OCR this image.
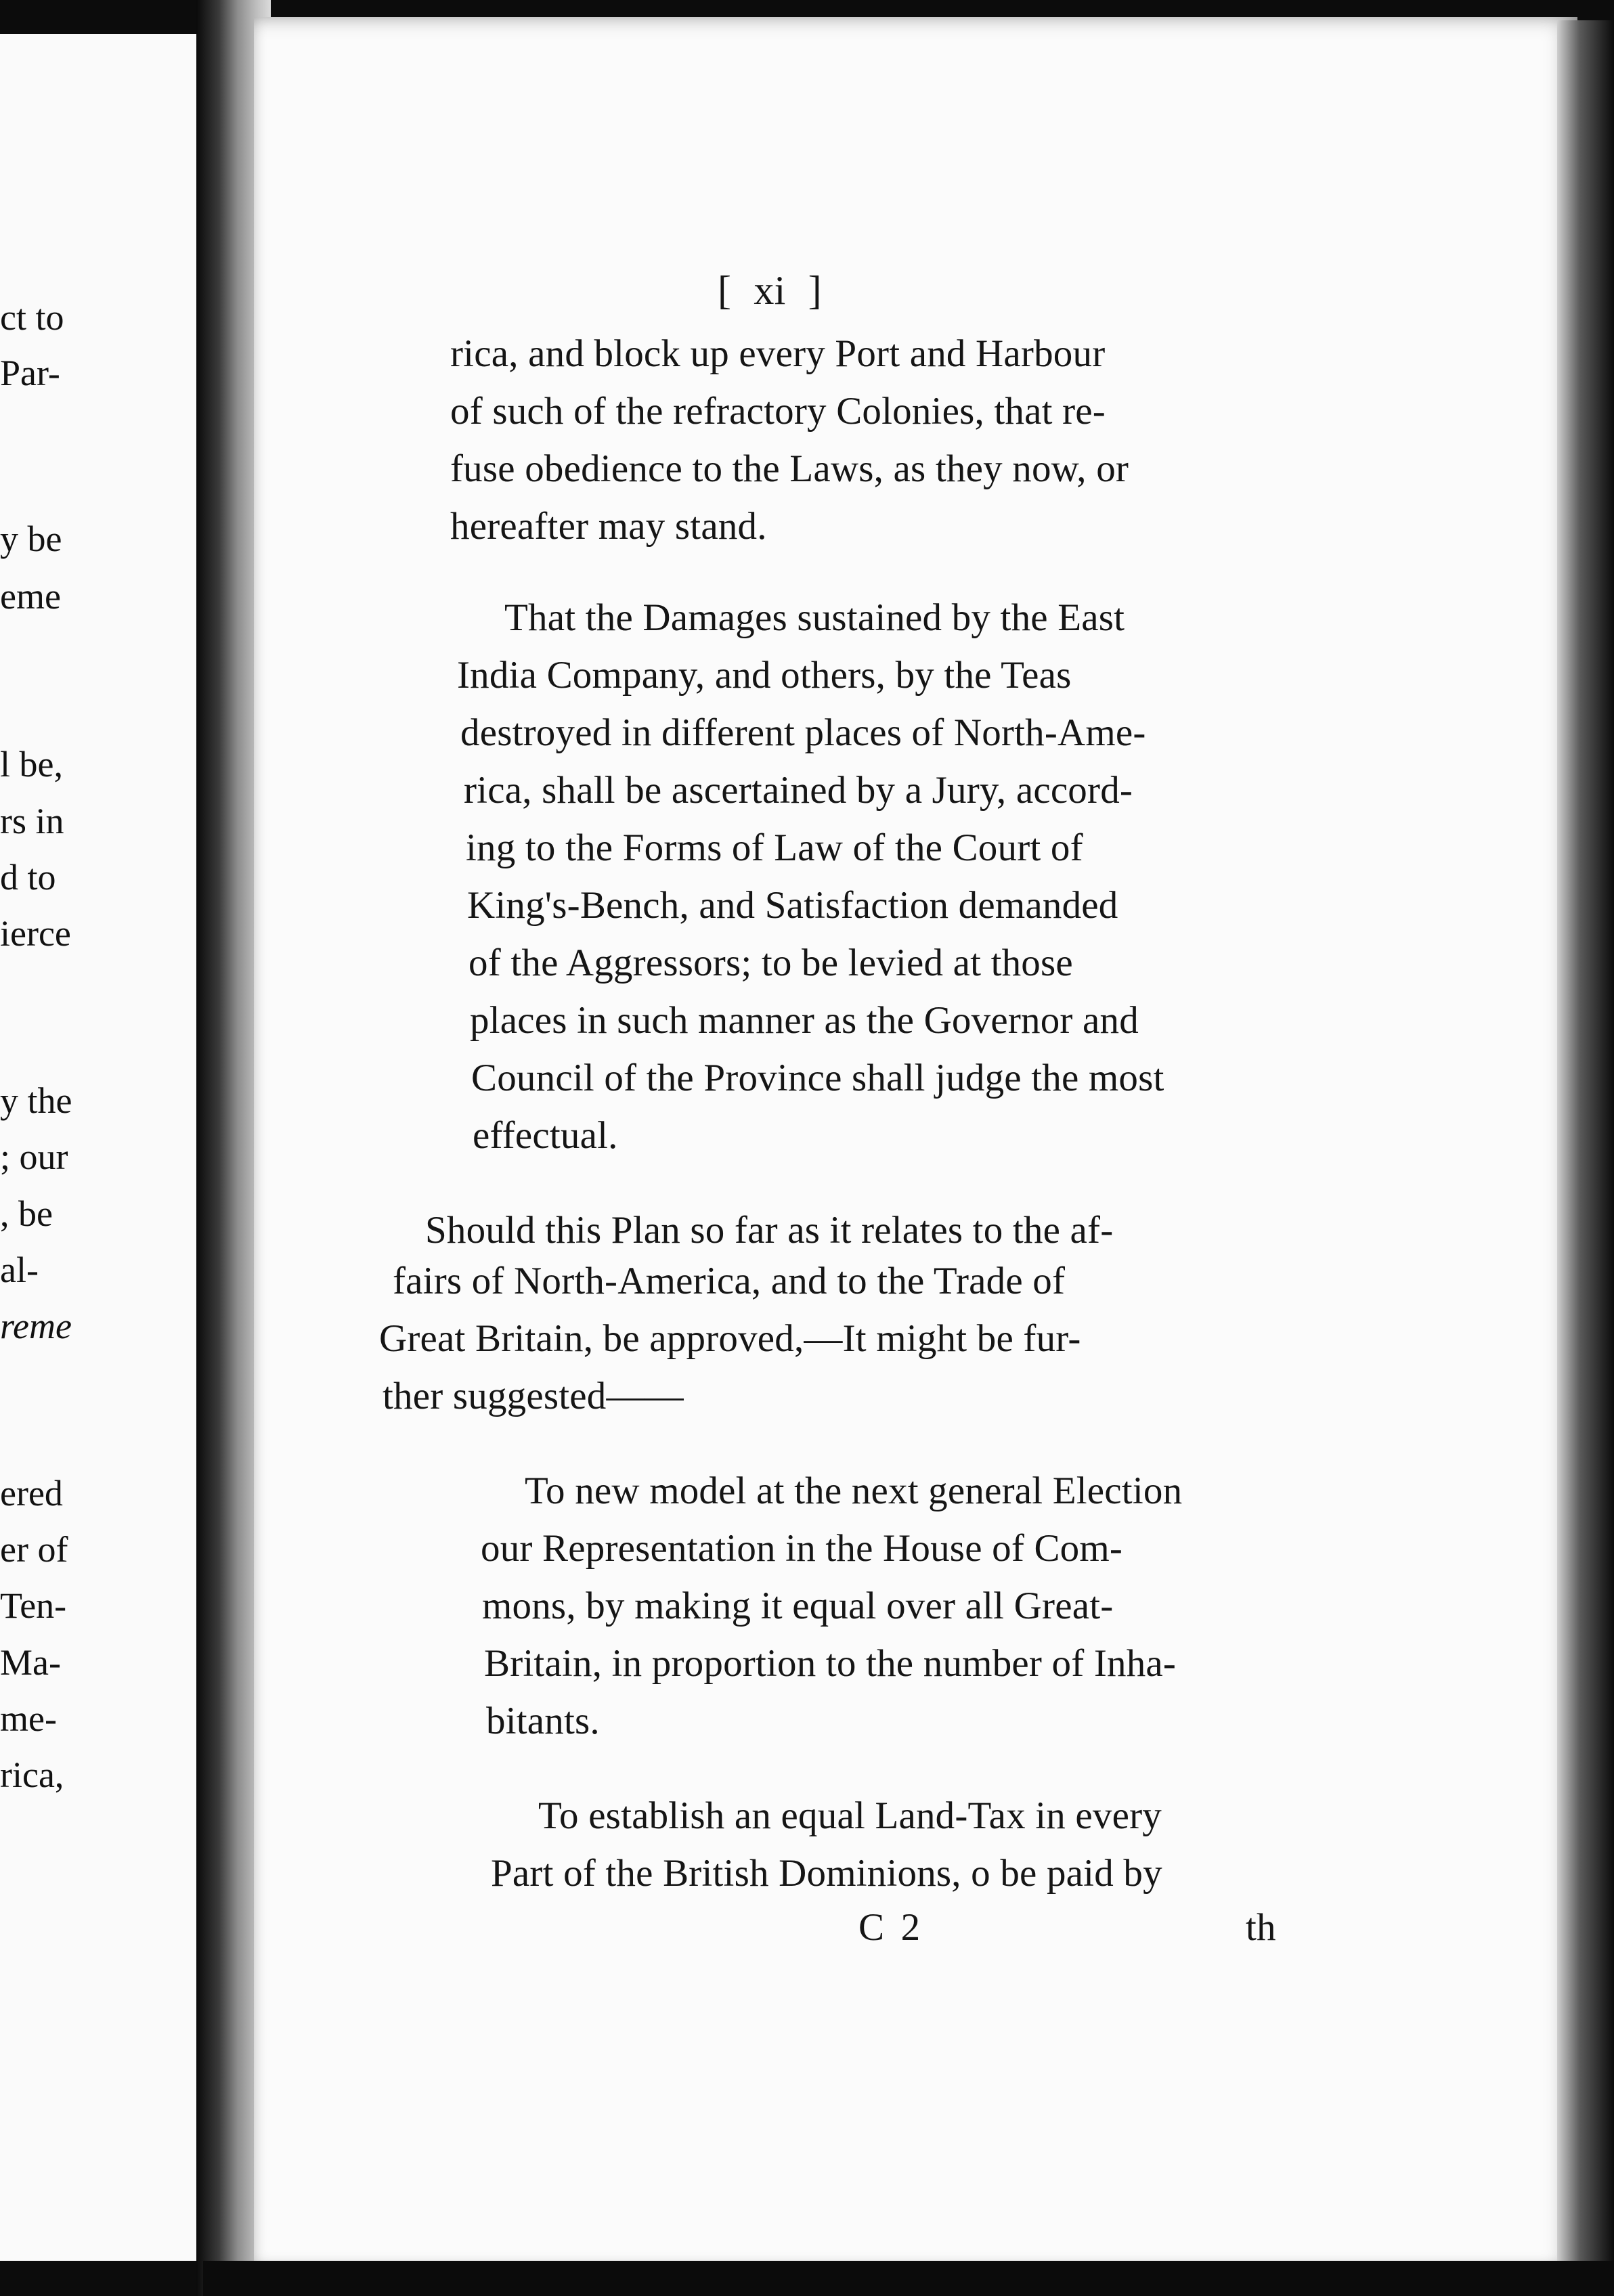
ct to
Par-
y be
eme
l be,
rs in
d to
ierce
y the
; our
, be
al-
reme
ered
er of
Ten-
Ma-
me-
rica,
[ xi ]
rica, and block up every Port and Harbour
of such of the refractory Colonies, that re-
fuse obedience to the Laws, as they now, or
hereafter may stand.
That the Damages sustained by the East
India Company, and others, by the Teas
destroyed in different places of North-Ame-
rica, shall be ascertained by a Jury, accord-
ing to the Forms of Law of the Court of
King's-Bench, and Satisfaction demanded
of the Aggressors; to be levied at those
places in such manner as the Governor and
Council of the Province shall judge the most
effectual.
Should this Plan so far as it relates to the af-
fairs of North-America, and to the Trade of
Great Britain, be approved,—It might be fur-
ther suggested——
To new model at the next general Election
our Representation in the House of Com-
mons, by making it equal over all Great-
Britain, in proportion to the number of Inha-
bitants.
To establish an equal Land-Tax in every
Part of the British Dominions, o be paid by
C 2	th
